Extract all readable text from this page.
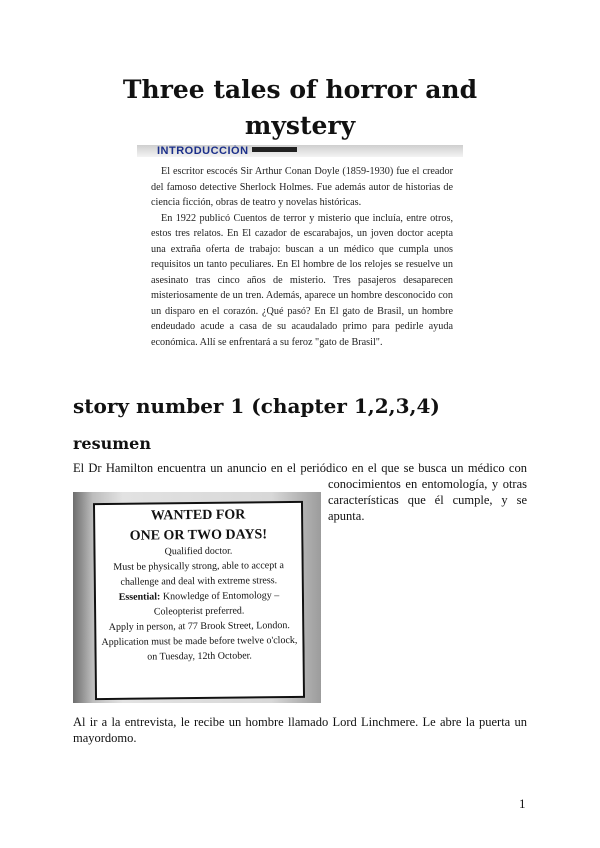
Three tales of horror and mystery
INTRODUCCIÓN

El escritor escocés Sir Arthur Conan Doyle (1859-1930) fue el creador del famoso detective Sherlock Holmes. Fue además autor de historias de ciencia ficción, obras de teatro y novelas históricas.

En 1922 publicó Cuentos de terror y misterio que incluía, entre otros, estos tres relatos. En El cazador de escarabajos, un joven doctor acepta una extraña oferta de trabajo: buscan a un médico que cumpla unos requisitos un tanto peculiares. En El hombre de los relojes se resuelve un asesinato tras cinco años de misterio. Tres pasajeros desaparecen misteriosamente de un tren. Además, aparece un hombre desconocido con un disparo en el corazón. ¿Qué pasó? En El gato de Brasil, un hombre endeudado acude a casa de su acaudalado primo para pedirle ayuda económica. Allí se enfrentará a su feroz "gato de Brasil".

story number 1 (chapter 1,2,3,4)
resumen
El Dr Hamilton encuentra un anuncio en el periódico en el que se busca un médico con
conocimientos en entomología, y otras características que él cumple, y se apunta.
WANTED FOR
ONE OR TWO DAYS!
Qualified doctor.
Must be physically strong, able to accept a challenge and deal with extreme stress.
Essential: Knowledge of Entomology – Coleopterist preferred.
Apply in person, at 77 Brook Street, London. Application must be made before twelve o'clock, on Tuesday, 12th October.
Al ir a la entrevista, le recibe un hombre llamado Lord Linchmere. Le abre la puerta un mayordomo.
1
